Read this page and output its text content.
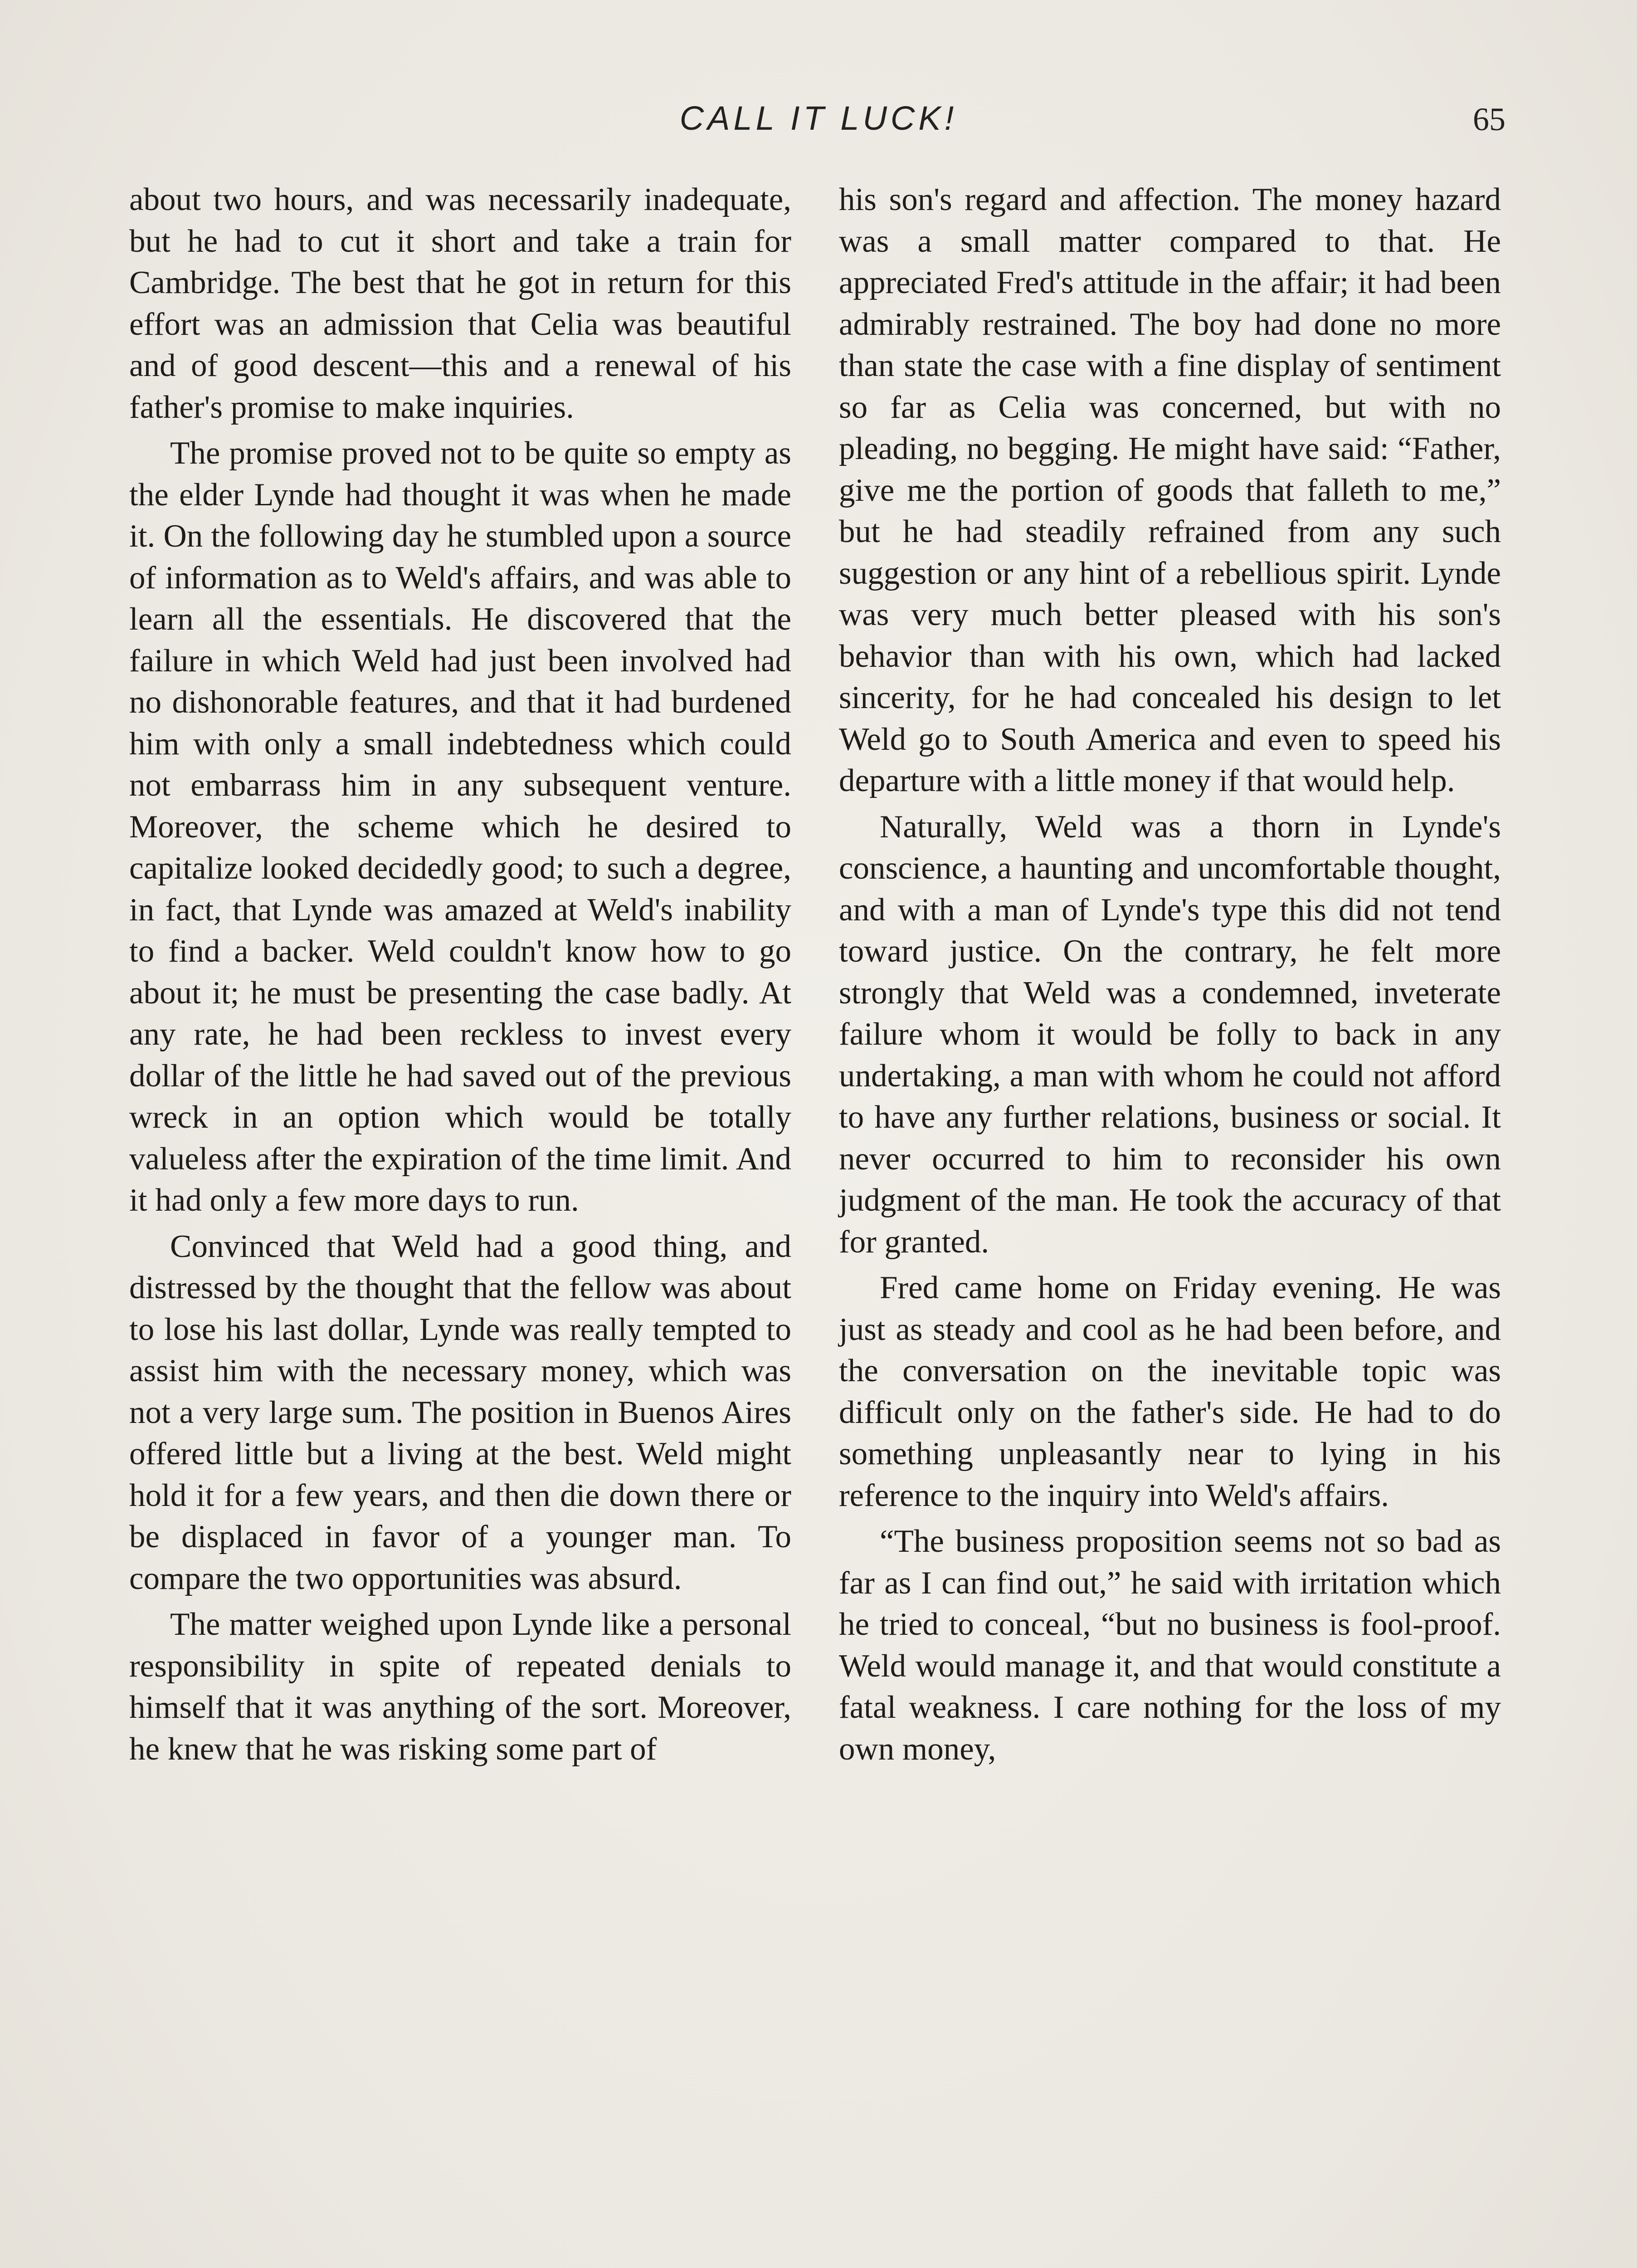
CALL IT LUCK!	65

about two hours, and was necessarily inadequate, but he had to cut it short and take a train for Cambridge. The best that he got in return for this effort was an admission that Celia was beautiful and of good descent—this and a renewal of his father's promise to make inquiries.

The promise proved not to be quite so empty as the elder Lynde had thought it was when he made it. On the following day he stumbled upon a source of information as to Weld's affairs, and was able to learn all the essentials. He discovered that the failure in which Weld had just been involved had no dishonorable features, and that it had burdened him with only a small indebtedness which could not embarrass him in any subsequent venture. Moreover, the scheme which he desired to capitalize looked decidedly good; to such a degree, in fact, that Lynde was amazed at Weld's inability to find a backer. Weld couldn't know how to go about it; he must be presenting the case badly. At any rate, he had been reckless to invest every dollar of the little he had saved out of the previous wreck in an option which would be totally valueless after the expiration of the time limit. And it had only a few more days to run.

Convinced that Weld had a good thing, and distressed by the thought that the fellow was about to lose his last dollar, Lynde was really tempted to assist him with the necessary money, which was not a very large sum. The position in Buenos Aires offered little but a living at the best. Weld might hold it for a few years, and then die down there or be displaced in favor of a younger man. To compare the two opportunities was absurd.

The matter weighed upon Lynde like a personal responsibility in spite of repeated denials to himself that it was anything of the sort. Moreover, he knew that he was risking some part of

his son's regard and affection. The money hazard was a small matter compared to that. He appreciated Fred's attitude in the affair; it had been admirably restrained. The boy had done no more than state the case with a fine display of sentiment so far as Celia was concerned, but with no pleading, no begging. He might have said: “Father, give me the portion of goods that falleth to me,” but he had steadily refrained from any such suggestion or any hint of a rebellious spirit. Lynde was very much better pleased with his son's behavior than with his own, which had lacked sincerity, for he had concealed his design to let Weld go to South America and even to speed his departure with a little money if that would help.

Naturally, Weld was a thorn in Lynde's conscience, a haunting and uncomfortable thought, and with a man of Lynde's type this did not tend toward justice. On the contrary, he felt more strongly that Weld was a condemned, inveterate failure whom it would be folly to back in any undertaking, a man with whom he could not afford to have any further relations, business or social. It never occurred to him to reconsider his own judgment of the man. He took the accuracy of that for granted.

Fred came home on Friday evening. He was just as steady and cool as he had been before, and the conversation on the inevitable topic was difficult only on the father's side. He had to do something unpleasantly near to lying in his reference to the inquiry into Weld's affairs.

“The business proposition seems not so bad as far as I can find out,” he said with irritation which he tried to conceal, “but no business is fool-proof. Weld would manage it, and that would constitute a fatal weakness. I care nothing for the loss of my own money,
